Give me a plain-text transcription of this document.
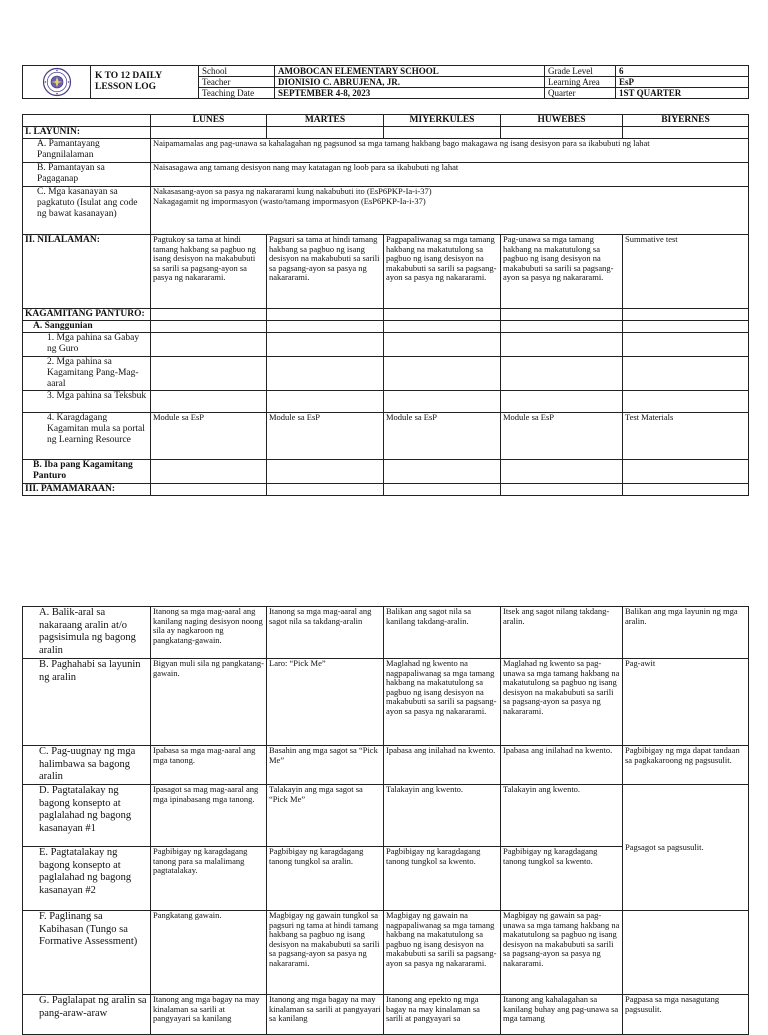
	K TO 12 DAILY LESSON LOG	School	AMOBOCAN ELEMENTARY SCHOOL	Grade Level	6
		Teacher	DIONISIO C. ABRUJENA, JR.	Learning Area	EsP
		Teaching Date	SEPTEMBER 4-8, 2023	Quarter	1ST QUARTER
	LUNES	MARTES	MIYERKULES	HUWEBES	BIYERNES
I. LAYUNIN:					
A. Pamantayang Pangnilalaman	Naipamamalas ang pag-unawa sa kahalagahan ng pagsunod sa mga tamang hakbang bago makagawa ng isang desisyon para sa ikabubuti ng lahat				
B. Pamantayan sa Pagaganap	Naisasagawa ang tamang desisyon nang may katatagan ng loob para sa ikabubuti ng lahat				
C. Mga kasanayan sa pagkatuto (Isulat ang code ng bawat kasanayan)	Nakasasang-ayon sa pasya ng nakararami kung nakabubuti ito (EsP6PKP-Ia-i-37)
Nakagagamit ng impormasyon (wasto/tamang impormasyon (EsP6PKP-Ia-i-37)				

II. NILALAMAN:	Pagtukoy sa tama at hindi tamang hakbang sa pagbuo ng isang desisyon na makabubuti sa sarili sa pagsang-ayon sa pasya ng nakararami.	Pagsuri sa tama at hindi tamang hakbang sa pagbuo ng isang desisyon na makabubuti sa sarili sa pagsang-ayon sa pasya ng nakararami.	Pagpapaliwanag sa mga tamang hakbang na makatutulong sa pagbuo ng isang desisyon na makabubuti sa sarili sa pagsang-ayon sa pasya ng nakararami.	Pag-unawa sa mga tamang hakbang na makatutulong sa pagbuo ng isang desisyon na makabubuti sa sarili sa pagsang-ayon sa pasya ng nakararami.	Summative test
KAGAMITANG PANTURO:					
A. Sanggunian					
1. Mga pahina sa Gabay ng Guro					
2. Mga pahina sa Kagamitang Pang-Mag-aaral					
3. Mga pahina sa Teksbuk					
4. Karagdagang Kagamitan mula sa portal ng Learning Resource	Module sa EsP	Module sa EsP	Module sa EsP	Module sa EsP	Test Materials
B. Iba pang Kagamitang Panturo					
III. PAMAMARAAN:					
A. Balik-aral sa nakaraang aralin at/o pagsisimula ng bagong aralin	Itanong sa mga mag-aaral ang kanilang naging desisyon noong sila ay nagkaroon ng pangkatang-gawain.	Itanong sa mga mag-aaral ang sagot nila sa takdang-aralin	Balikan ang sagot nila sa kanilang takdang-aralin.	Itsek ang sagot nilang takdang-aralin.	Balikan ang mga layunin ng mga aralin.
B. Paghahabi sa layunin ng aralin	Bigyan muli sila ng pangkatang-gawain.	Laro: “Pick Me”	Maglahad ng kwento na nagpapaliwanag sa mga tamang hakbang na makatutulong sa pagbuo ng isang desisyon na makabubuti sa sarili sa pagsang-ayon sa pasya ng nakararami.	Maglahad ng kwento sa pag-unawa sa mga tamang hakbang na makatutulong sa pagbuo ng isang desisyon na makabubuti sa sarili sa pagsang-ayon sa pasya ng nakararami.	Pag-awit
C. Pag-uugnay ng mga halimbawa sa bagong aralin	Ipabasa sa mga mag-aaral ang mga tanong.	Basahin ang mga sagot sa “Pick Me”	Ipabasa ang inilahad na kwento.	Ipabasa ang inilahad na kwento.	Pagbibigay ng mga dapat tandaan sa pagkakaroong ng pagsusulit.
D. Pagtatalakay ng bagong konsepto at paglalahad ng bagong kasanayan #1	Ipasagot sa mag mag-aaral ang mga ipinabasang mga tanong.	Talakayin ang mga sagot sa “Pick Me”	Talakayin ang kwento.	Talakayin ang kwento.	Pagsagot sa pagsusulit.
E. Pagtatalakay ng bagong konsepto at paglalahad ng bagong kasanayan #2	Pagbibigay ng karagdagang tanong para sa malalimang pagtatalakay.	Pagbibigay ng karagdagang tanong tungkol sa aralin.	Pagbibigay ng karagdagang tanong tungkol sa kwento.	Pagbibigay ng karagdagang tanong tungkol sa kwento.	
F. Paglinang sa Kabihasan (Tungo sa Formative Assessment)	Pangkatang gawain.	Magbigay ng gawain tungkol sa pagsuri ng tama at hindi tamang hakbang sa pagbuo ng isang desisyon na makabubuti sa sarili sa pagsang-ayon sa pasya ng nakararami.	Magbigay ng gawain na nagpapaliwanag sa mga tamang hakbang na makatutulong sa pagbuo ng isang desisyon na makabubuti sa sarili sa pagsang-ayon sa pasya ng nakararami.	Magbigay ng gawain sa pag-unawa sa mga tamang hakbang na makatutulong sa pagbuo ng isang desisyon na makabubuti sa sarili sa pagsang-ayon sa pasya ng nakararami.	
G. Paglalapat ng aralin sa pang-araw-araw	Itanong ang mga bagay na may kinalaman sa sarili at pangyayari sa kanilang	Itanong ang mga bagay na may kinalaman sa sarili at pangyayari sa kanilang	Itanong ang epekto ng mga bagay na may kinalaman sa sarili at pangyayari sa	Itanong ang kahalagahan sa kanilang buhay ang pag-unawa sa mga tamang	Pagpasa sa mga nasagutang pagsusulit.
